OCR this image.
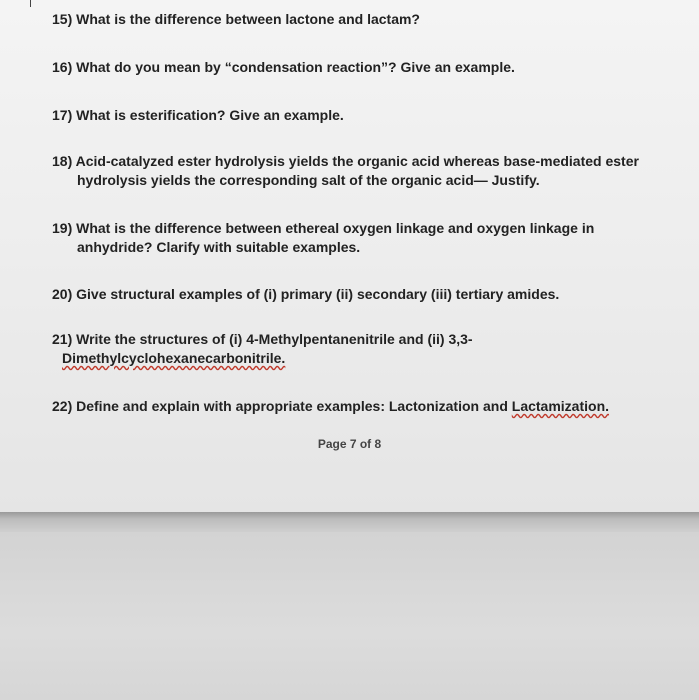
15) What is the difference between lactone and lactam?
16) What do you mean by “condensation reaction”? Give an example.
17) What is esterification? Give an example.
18) Acid-catalyzed ester hydrolysis yields the organic acid whereas base-mediated ester
hydrolysis yields the corresponding salt of the organic acid— Justify.
19) What is the difference between ethereal oxygen linkage and oxygen linkage in
anhydride? Clarify with suitable examples.
20) Give structural examples of (i) primary (ii) secondary (iii) tertiary amides.
21) Write the structures of (i) 4-Methylpentanenitrile and (ii) 3,3-
Dimethylcyclohexanecarbonitrile.
22) Define and explain with appropriate examples: Lactonization and Lactamization.
Page 7 of 8
